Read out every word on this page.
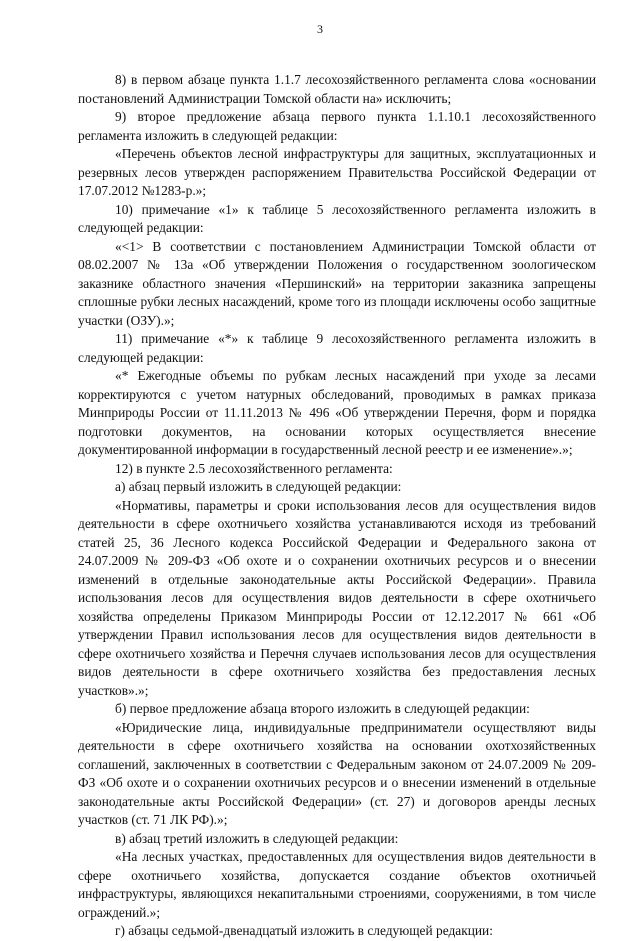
3

8) в первом абзаце пункта 1.1.7 лесохозяйственного регламента слова «основании постановлений Администрации Томской области на» исключить;

9) второе предложение абзаца первого пункта 1.1.10.1 лесохозяйственного регламента изложить в следующей редакции:

«Перечень объектов лесной инфраструктуры для защитных, эксплуатационных и резервных лесов утвержден распоряжением Правительства Российской Федерации от 17.07.2012 №1283-р.»;

10) примечание «1» к таблице 5 лесохозяйственного регламента изложить в следующей редакции:

«<1> В соответствии с постановлением Администрации Томской области от 08.02.2007 № 13а «Об утверждении Положения о государственном зоологическом заказнике областного значения «Першинский» на территории заказника запрещены сплошные рубки лесных насаждений, кроме того из площади исключены особо защитные участки (ОЗУ).»;

11) примечание «*» к таблице 9 лесохозяйственного регламента изложить в следующей редакции:

«* Ежегодные объемы по рубкам лесных насаждений при уходе за лесами корректируются с учетом натурных обследований, проводимых в рамках приказа Минприроды России от 11.11.2013 № 496 «Об утверждении Перечня, форм и порядка подготовки документов, на основании которых осуществляется внесение документированной информации в государственный лесной реестр и ее изменение».»;

12) в пункте 2.5 лесохозяйственного регламента:

а) абзац первый изложить в следующей редакции:

«Нормативы, параметры и сроки использования лесов для осуществления видов деятельности в сфере охотничьего хозяйства устанавливаются исходя из требований статей 25, 36 Лесного кодекса Российской Федерации и Федерального закона от 24.07.2009 № 209-ФЗ «Об охоте и о сохранении охотничьих ресурсов и о внесении изменений в отдельные законодательные акты Российской Федерации». Правила использования лесов для осуществления видов деятельности в сфере охотничьего хозяйства определены Приказом Минприроды России от 12.12.2017 № 661 «Об утверждении Правил использования лесов для осуществления видов деятельности в сфере охотничьего хозяйства и Перечня случаев использования лесов для осуществления видов деятельности в сфере охотничьего хозяйства без предоставления лесных участков».»;

б) первое предложение абзаца второго изложить в следующей редакции:

«Юридические лица, индивидуальные предприниматели осуществляют виды деятельности в сфере охотничьего хозяйства на основании охотхозяйственных соглашений, заключенных в соответствии с Федеральным законом от 24.07.2009 № 209-ФЗ «Об охоте и о сохранении охотничьих ресурсов и о внесении изменений в отдельные законодательные акты Российской Федерации» (ст. 27) и договоров аренды лесных участков (ст. 71 ЛК РФ).»;

в) абзац третий изложить в следующей редакции:

«На лесных участках, предоставленных для осуществления видов деятельности в сфере охотничьего хозяйства, допускается создание объектов охотничьей инфраструктуры, являющихся некапитальными строениями, сооружениями, в том числе ограждений.»;

г) абзацы седьмой-двенадцатый изложить в следующей редакции:
